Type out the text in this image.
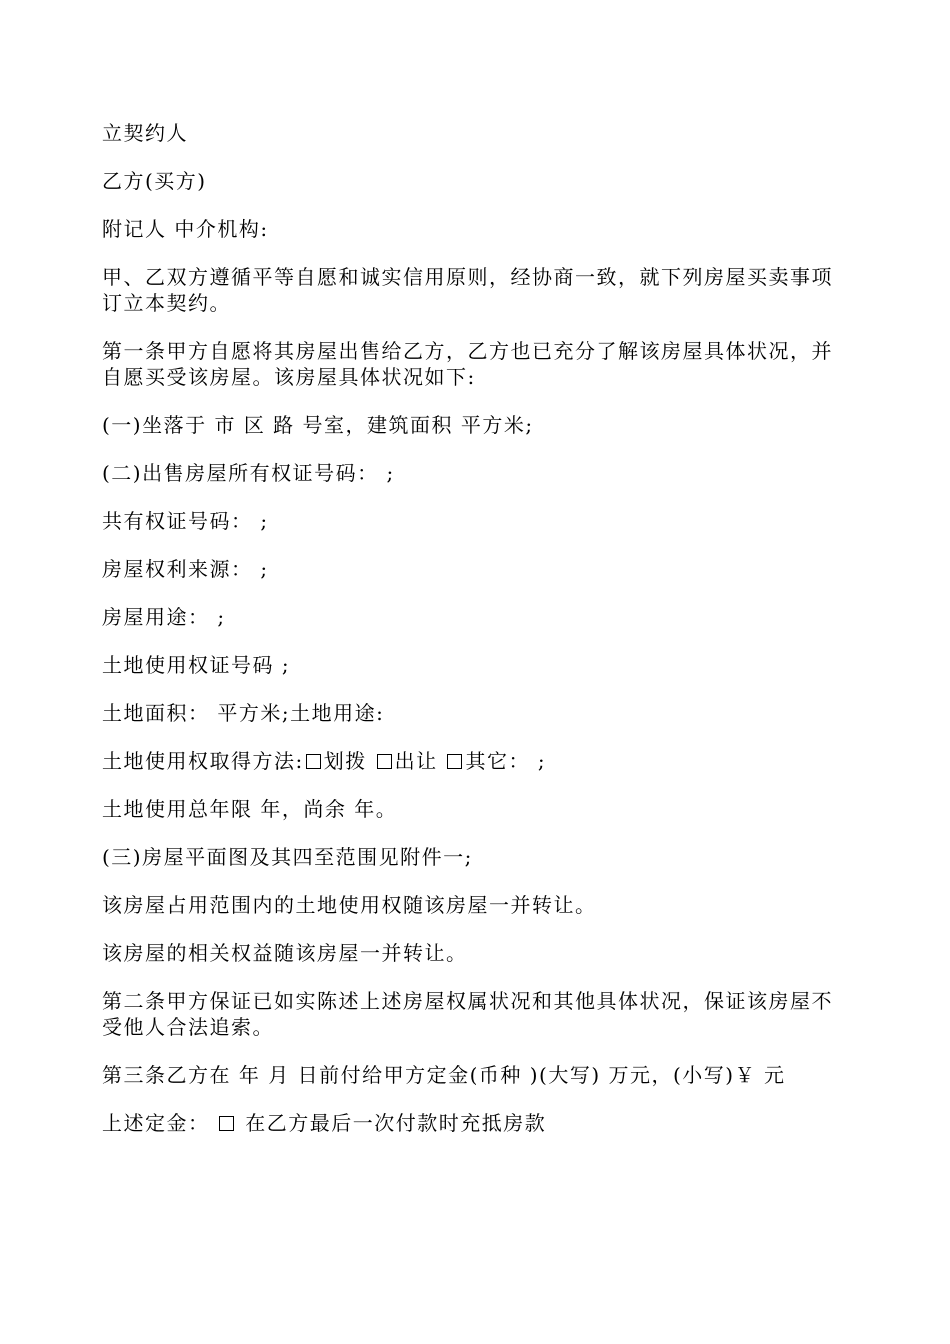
立契约人

乙方(买方)

附记人 中介机构:

甲、乙双方遵循平等自愿和诚实信用原则，经协商一致，就下列房屋买卖事项订立本契约。

第一条甲方自愿将其房屋出售给乙方，乙方也已充分了解该房屋具体状况，并自愿买受该房屋。该房屋具体状况如下:

(一)坐落于 市 区 路 号室，建筑面积 平方米;

(二)出售房屋所有权证号码： ;

共有权证号码： ;

房屋权利来源： ;

房屋用途： ;

土地使用权证号码 ;

土地面积： 平方米;土地用途:

土地使用权取得方法: 划拨 出让 其它： ;

土地使用总年限 年，尚余 年。

(三)房屋平面图及其四至范围见附件一;

该房屋占用范围内的土地使用权随该房屋一并转让。

该房屋的相关权益随该房屋一并转让。

第二条甲方保证已如实陈述上述房屋权属状况和其他具体状况，保证该房屋不受他人合法追索。

第三条乙方在 年 月 日前付给甲方定金(币种 )(大写) 万元，(小写)￥ 元

上述定金： 在乙方最后一次付款时充抵房款
